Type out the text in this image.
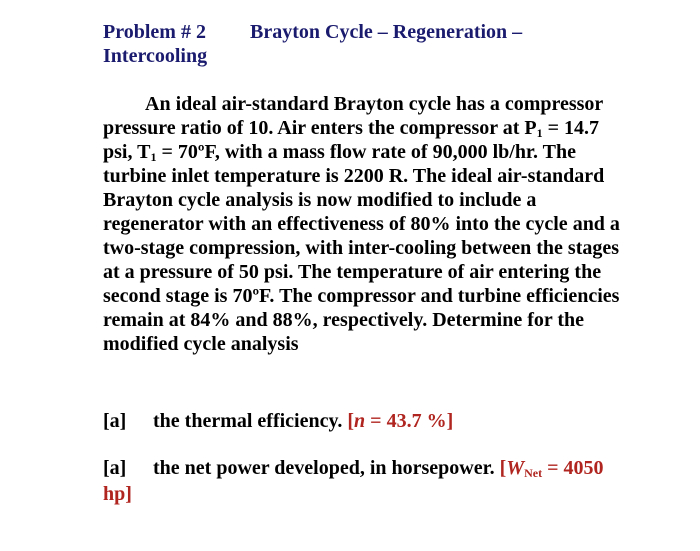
Problem # 2 Brayton Cycle – Regeneration –
Intercooling
An ideal air-standard Brayton cycle has a compressor pressure ratio of 10. Air enters the compressor at $P_1 = 14.7$ psi, $T_1$ = 70ºF, with a mass flow rate of 90,000 lb/hr. The turbine inlet temperature is 2200 R. The ideal air-standard Brayton cycle analysis is now modified to include a regenerator with an effectiveness of 80% into the cycle and a two-stage compression, with inter-cooling between the stages at a pressure of 50 psi. The temperature of air entering the second stage is 70ºF. The compressor and turbine efficiencies remain at 84% and 88%, respectively. Determine for the modified cycle analysis
[a] the thermal efficiency. [n = 43.7 %]
[a] the net power developed, in horsepower. [$W_{Net} = 4050$ hp]
